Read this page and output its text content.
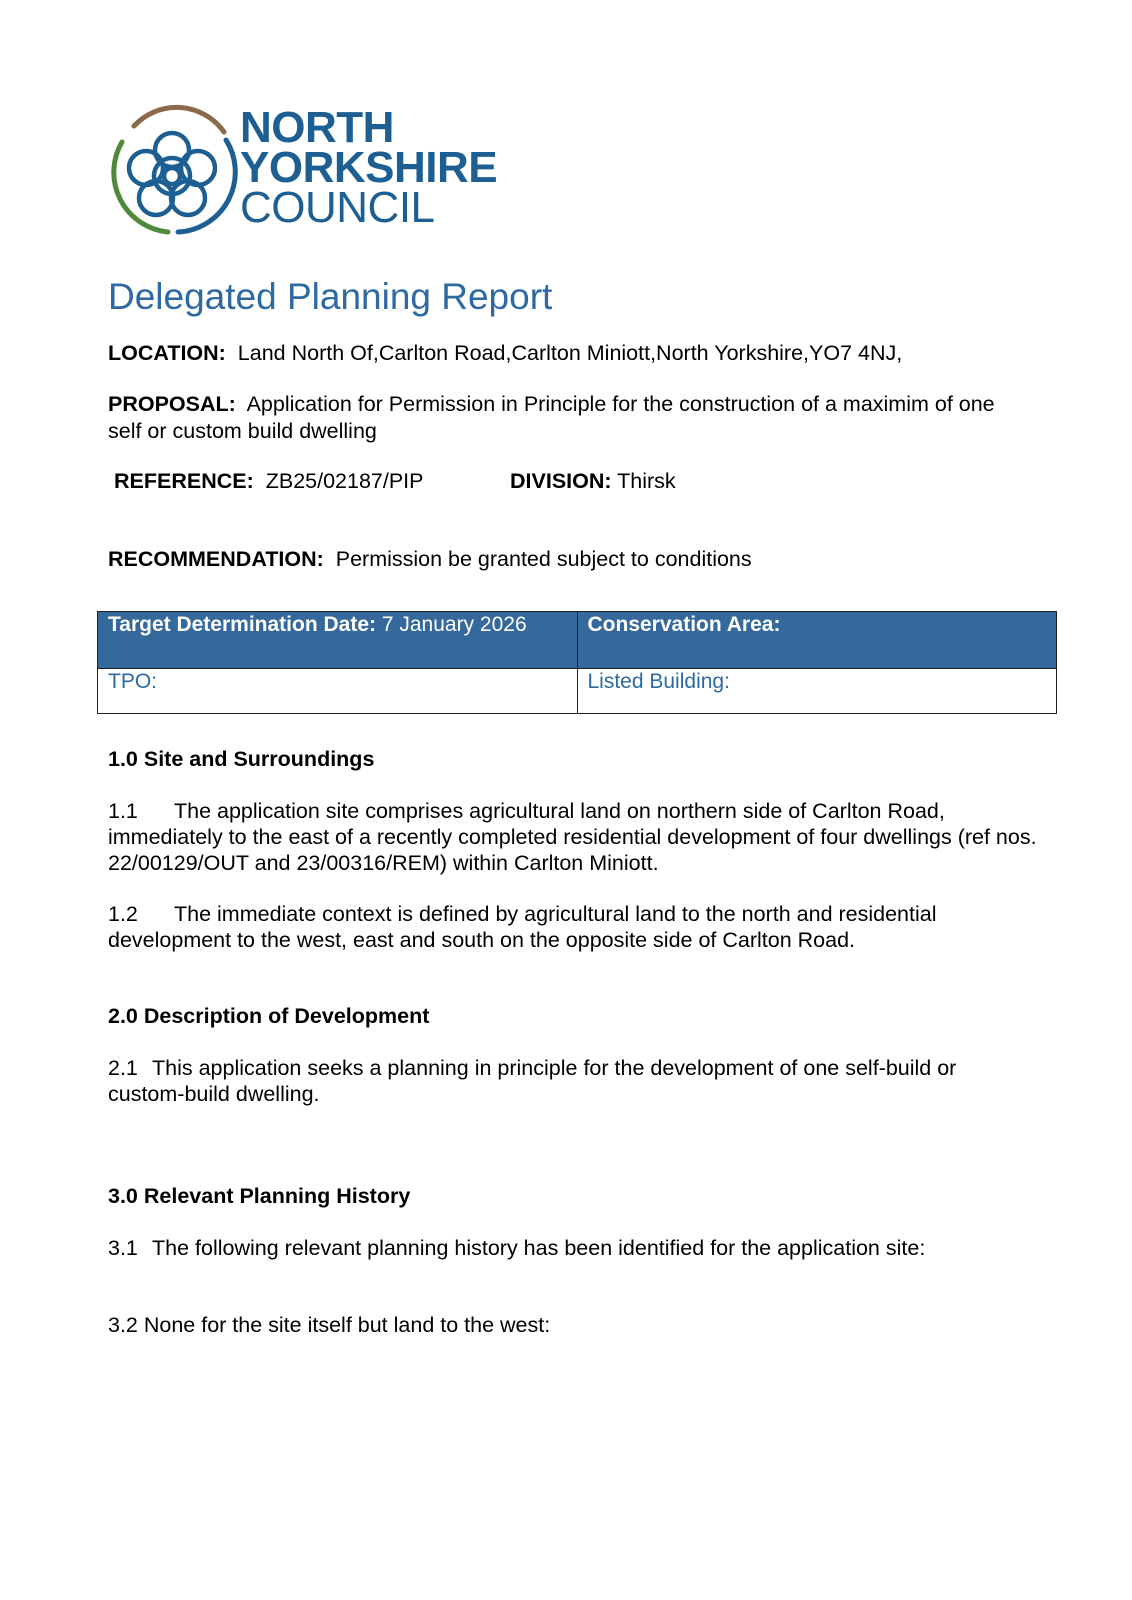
NORTH
YORKSHIRE
COUNCIL
Delegated Planning Report
LOCATION: Land North Of,Carlton Road,Carlton Miniott,North Yorkshire,YO7 4NJ,
PROPOSAL: Application for Permission in Principle for the construction of a maximim of one self or custom build dwelling
REFERENCE: ZB25/02187/PIP	DIVISION: Thirsk
RECOMMENDATION: Permission be granted subject to conditions
Target Determination Date: 7 January 2026	Conservation Area:

TPO:	Listed Building:
1.0 Site and Surroundings
1.1 The application site comprises agricultural land on northern side of Carlton Road, immediately to the east of a recently completed residential development of four dwellings (ref nos. 22/00129/OUT and 23/00316/REM) within Carlton Miniott.
1.2 The immediate context is defined by agricultural land to the north and residential development to the west, east and south on the opposite side of Carlton Road.
2.0 Description of Development
2.1 This application seeks a planning in principle for the development of one self-build or custom-build dwelling.
3.0 Relevant Planning History
3.1 The following relevant planning history has been identified for the application site:
3.2 None for the site itself but land to the west:
